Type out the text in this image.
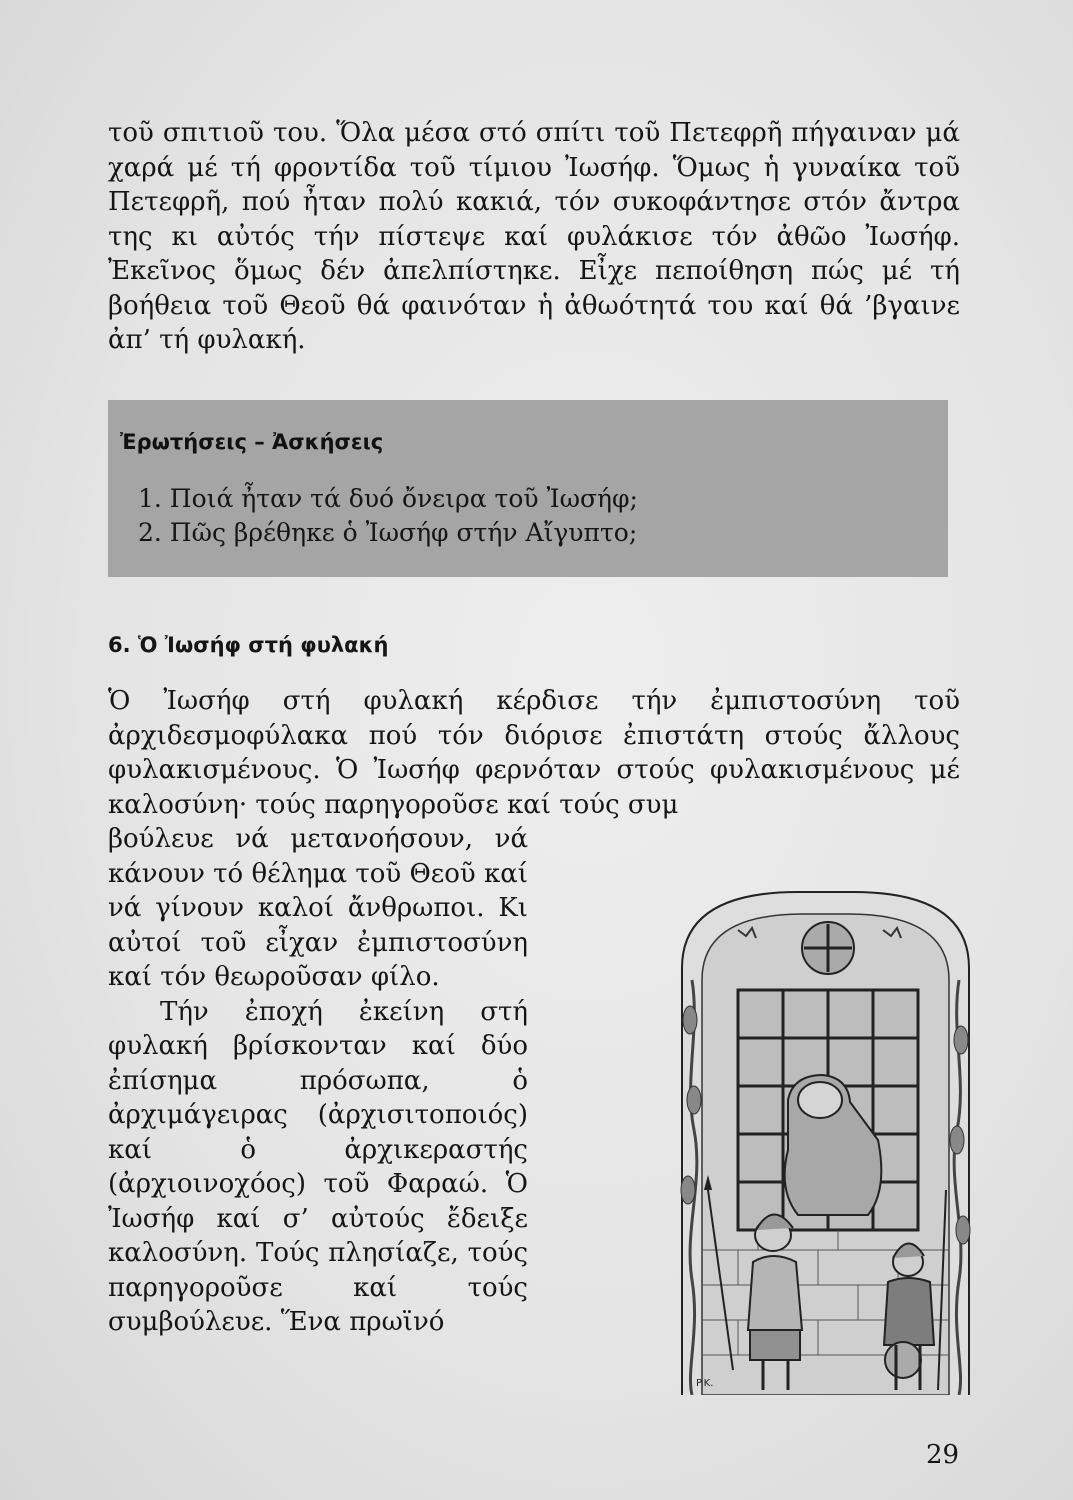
τοῦ σπιτιοῦ του. Ὅλα μέσα στό σπίτι τοῦ Πετεφρῆ πήγαιναν μά χαρά μέ τή φροντίδα τοῦ τίμιου Ἰωσήφ. Ὅμως ἡ γυναίκα τοῦ Πετεφρῆ, πού ἦταν πολύ κακιά, τόν συκοφάντησε στόν ἄντρα της κι αὐτός τήν πίστεψε καί φυλάκισε τόν ἀθῶο Ἰωσήφ. Ἐκεῖνος ὅμως δέν ἀπελπίστηκε. Εἶχε πεποίθηση πώς μέ τή βοήθεια τοῦ Θεοῦ θά φαινόταν ἡ ἀθωότητά του καί θά ’βγαινε ἀπ’ τή φυλακή.

Ἐρωτήσεις – Ἀσκήσεις
1. Ποιά ἦταν τά δυό ὄνειρα τοῦ Ἰωσήφ;
2. Πῶς βρέθηκε ὁ Ἰωσήφ στήν Αἴγυπτο;
6. Ὁ Ἰωσήφ στή φυλακή

Ὁ Ἰωσήφ στή φυλακή κέρδισε τήν ἐμπιστοσύνη τοῦ ἀρχιδεσμοφύλακα πού τόν διόρισε ἐπιστάτη στούς ἄλλους φυλακισμένους. Ὁ Ἰωσήφ φερνόταν στούς φυλακισμένους μέ καλοσύνη· τούς παρηγοροῦσε καί τούς συμ

βούλευε νά μετανοήσουν, νά κάνουν τό θέλημα τοῦ Θεοῦ καί νά γίνουν καλοί ἄνθρωποι. Κι αὐτοί τοῦ εἶχαν ἐμπιστοσύνη καί τόν θεωροῦσαν φίλο.

Τήν ἐποχή ἐκείνη στή φυλακή βρίσκονταν καί δύο ἐπίσημα πρόσωπα, ὁ ἀρχιμάγειρας (ἀρχισιτοποιός) καί ὁ ἀρχικεραστής (ἀρχιοινοχόος) τοῦ Φαραώ. Ὁ Ἰωσήφ καί σ’ αὐτούς ἔδειξε καλοσύνη. Τούς πλησίαζε, τούς παρηγοροῦσε καί τούς συμβούλευε. Ἕνα πρωϊνό

P.K.
29
